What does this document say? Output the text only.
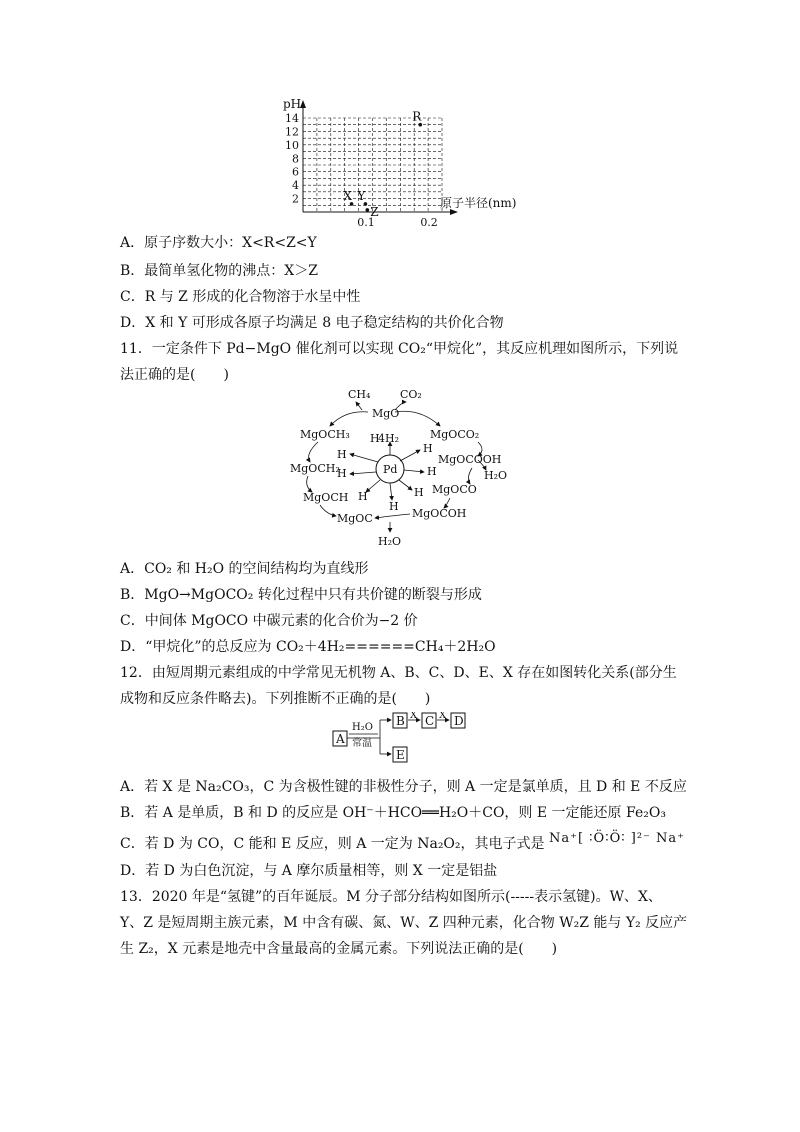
pH
原子半径(nm)
14
12
10
8
6
4
2
0.1	0.2
X Y
Z
R
A．原子序数大小：X<R<Z<Y
B．最简单氢化物的沸点：X＞Z
C．R 与 Z 形成的化合物溶于水呈中性
D．X 和 Y 可形成各原子均满足 8 电子稳定结构的共价化合物
11．一定条件下 Pd−MgO 催化剂可以实现 CO₂“甲烷化”，其反应机理如图所示，下列说
法正确的是(　　)
CH₄	CO₂
MgO
MgOCH₃
MgOCH₂
MgOCH
MgOC
MgOCO₂
MgOCOOH
MgOCO
MgOCOH
H₂O
H₂O
4H₂
H
H
H
H
H
H
H
H
Pd
A．CO₂ 和 H₂O 的空间结构均为直线形
B．MgO→MgOCO₂ 转化过程中只有共价键的断裂与形成
C．中间体 MgOCO 中碳元素的化合价为−2 价
D．“甲烷化”的总反应为 CO₂＋4H₂======CH₄＋2H₂O
12．由短周期元素组成的中学常见无机物 A、B、C、D、E、X 存在如图转化关系(部分生
成物和反应条件略去)。下列推断不正确的是(　　)
A
H₂O
常温
B X C X D
E
A．若 X 是 Na₂CO₃，C 为含极性键的非极性分子，则 A 一定是氯单质，且 D 和 E 不反应
B．若 A 是单质，B 和 D 的反应是 OH⁻＋HCO══H₂O＋CO，则 E 一定能还原 Fe₂O₃
C．若 D 为 CO，C 能和 E 反应，则 A 一定为 Na₂O₂，其电子式是 Na⁺[ ∶Ö∶Ö∶ ]²⁻ Na⁺
D．若 D 为白色沉淀，与 A 摩尔质量相等，则 X 一定是铝盐
13．2020 年是“氢键”的百年诞辰。M 分子部分结构如图所示(-----表示氢键)。W、X、
Y、Z 是短周期主族元素，M 中含有碳、氮、W、Z 四种元素，化合物 W₂Z 能与 Y₂ 反应产
生 Z₂，X 元素是地壳中含量最高的金属元素。下列说法正确的是(　　)
